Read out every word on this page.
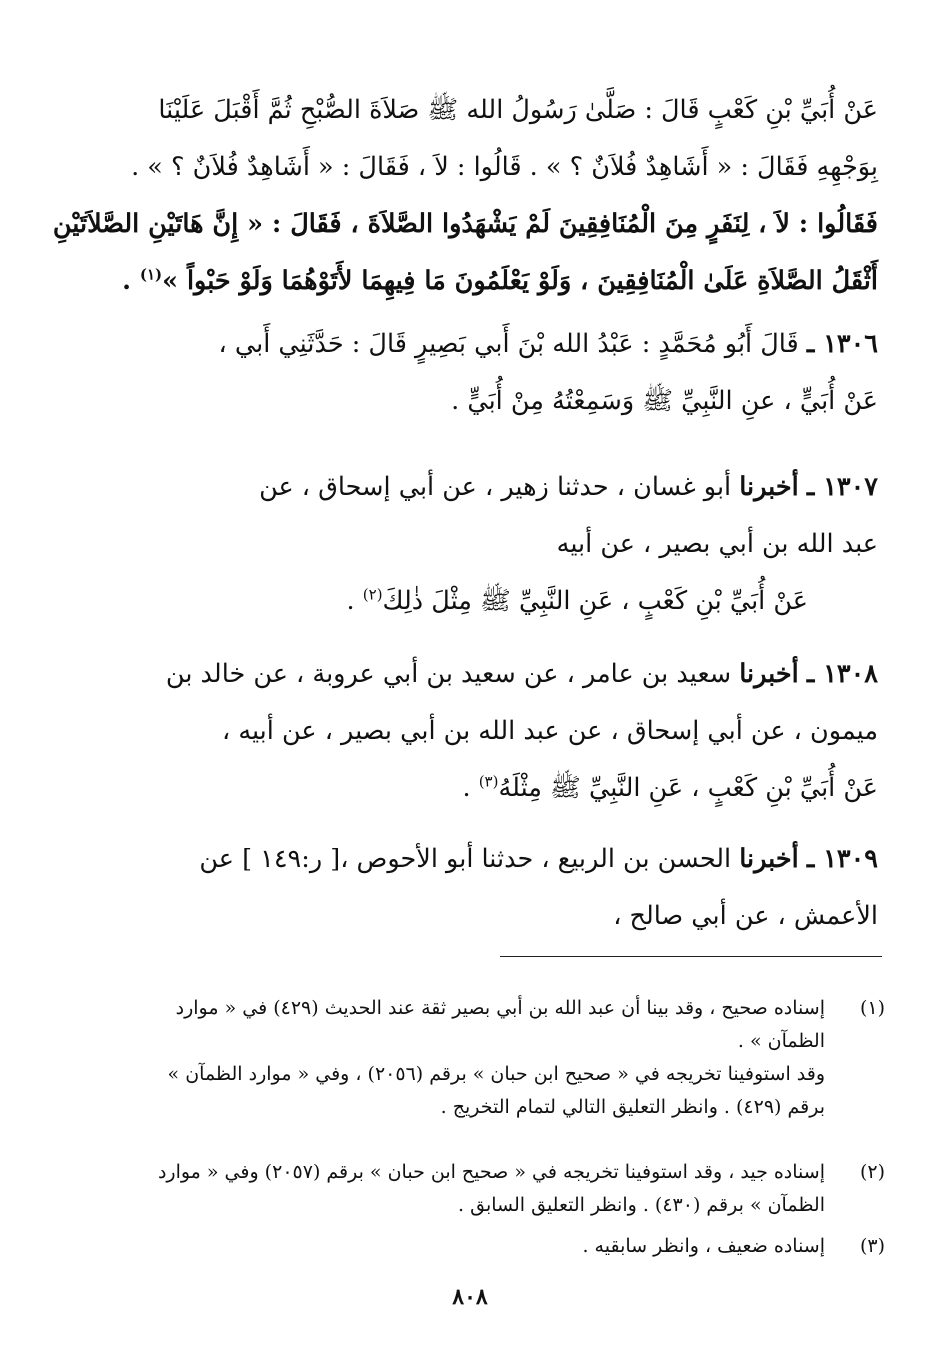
عَنْ أُبَيِّ بْنِ كَعْبٍ قَالَ : صَلَّىٰ رَسُولُ الله ﷺ صَلاَةَ الصُّبْحِ ثُمَّ أَقْبَلَ عَلَيْنَا
بِوَجْهِهِ فَقَالَ : « أَشَاهِدٌ فُلاَنٌ ؟ » . قَالُوا : لاَ ، فَقَالَ : « أَشَاهِدٌ فُلاَنٌ ؟ » .
فَقَالُوا : لاَ ، لِنَفَرٍ مِنَ الْمُنَافِقِينَ لَمْ يَشْهَدُوا الصَّلاَةَ ، فَقَالَ : « إِنَّ هَاتَيْنِ الصَّلاَتَيْنِ
أَثْقَلُ الصَّلاَةِ عَلَىٰ الْمُنَافِقِينَ ، وَلَوْ يَعْلَمُونَ مَا فِيهِمَا لأَتَوْهُمَا وَلَوْ حَبْواً »$^{(١)}$ .
١٣٠٦ ـ قَالَ أَبُو مُحَمَّدٍ : عَبْدُ الله بْنَ أَبي بَصِيرٍ قَالَ : حَدَّثَنِي أَبي ،
عَنْ أُبَيٍّ ، عنِ النَّبِيِّ ﷺ وَسَمِعْتُهُ مِنْ أُبَيٍّ .
١٣٠٧ ـ أخبرنا أبو غسان ، حدثنا زهير ، عن أبي إسحاق ، عن
عبد الله بن أبي بصير ، عن أبيه
عَنْ أُبَيِّ بْنِ كَعْبٍ ، عَنِ النَّبِيِّ ﷺ مِثْلَ ذٰلِكَ$^{(٢)}$ .
١٣٠٨ ـ أخبرنا سعيد بن عامر ، عن سعيد بن أبي عروبة ، عن خالد بن
ميمون ، عن أبي إسحاق ، عن عبد الله بن أبي بصير ، عن أبيه ،
عَنْ أُبَيِّ بْنِ كَعْبٍ ، عَنِ النَّبِيِّ ﷺ مِثْلَهُ$^{(٣)}$ .
١٣٠٩ ـ أخبرنا الحسن بن الربيع ، حدثنا أبو الأحوص ،[ ر:١٤٩ ] عن
الأعمش ، عن أبي صالح ،
(١)
إسناده صحيح ، وقد بينا أن عبد الله بن أبي بصير ثقة عند الحديث (٤٢٩) في « موارد
الظمآن » .
وقد استوفينا تخريجه في « صحيح ابن حبان » برقم (٢٠٥٦) ، وفي « موارد الظمآن »
برقم (٤٢٩) . وانظر التعليق التالي لتمام التخريج .
(٢)
إسناده جيد ، وقد استوفينا تخريجه في « صحيح ابن حبان » برقم (٢٠٥٧) وفي « موارد
الظمآن » برقم (٤٣٠) . وانظر التعليق السابق .
(٣)
إسناده ضعيف ، وانظر سابقيه .
٨٠٨
